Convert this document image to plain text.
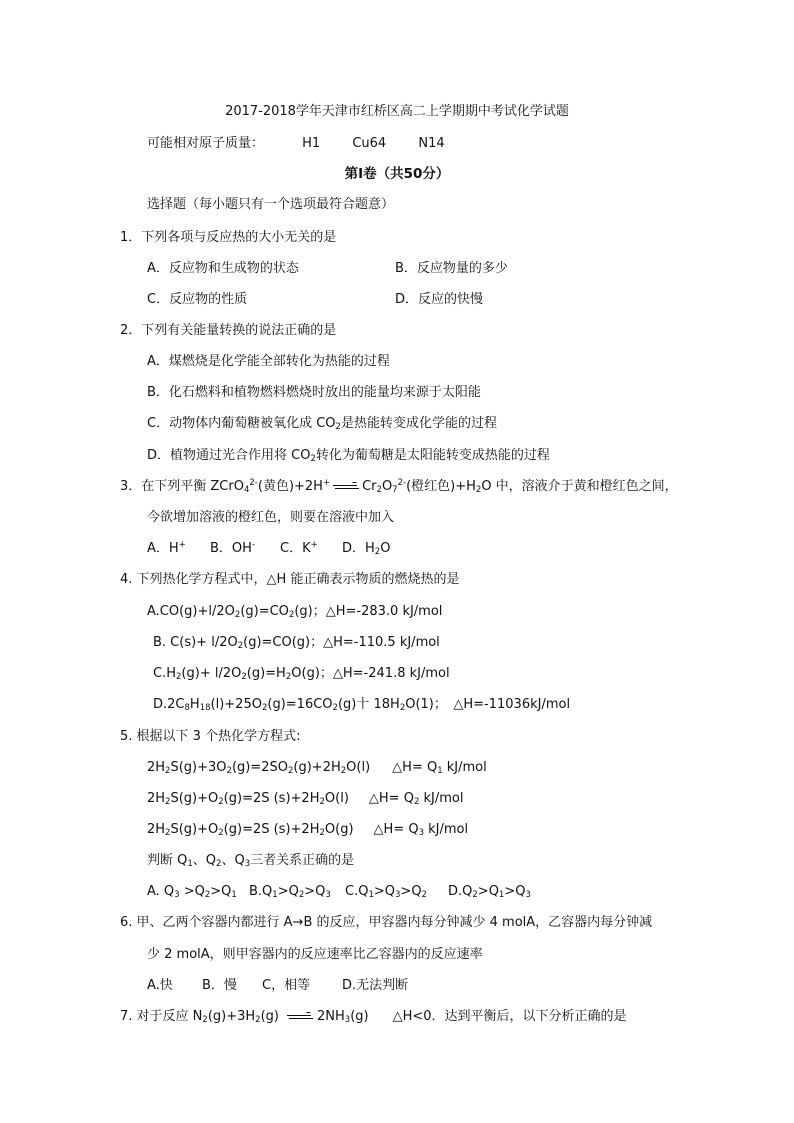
2017-2018学年天津市红桥区高二上学期期中考试化学试题
可能相对原子质量：	H1 Cu64 N14
第I卷（共50分）
选择题（每小题只有一个选项最符合题意）
1．下列各项与反应热的大小无关的是
A．反应物和生成物的状态	B．反应物量的多少
C．反应物的性质	D．反应的快慢
2．下列有关能量转换的说法正确的是
A．煤燃烧是化学能全部转化为热能的过程
B．化石燃料和植物燃料燃烧时放出的能量均来源于太阳能
C．动物体内葡萄糖被氧化成 $CO_2$是热能转变成化学能的过程
D．植物通过光合作用将 $CO_2$转化为葡萄糖是太阳能转变成热能的过程
3．在下列平衡 ZCrO$_4^{2-}$(黄色)$+2H^+ \to Cr_2O_7^{2-}$(橙红色)$+H_2O$ 中，溶液介于黄和橙红色之间，
今欲增加溶液的橙红色，则要在溶液中加入
A．H+ B．OH- C．K+ D．$H_2O$
4. 下列热化学方程式中，△H 能正确表示物质的燃烧热的是
$A.CO(g)+l/2O_2(g)=CO_2(g)$；△H=-283.0 kJ/mol
B. $C(s)+ l/2O_2(g)=CO(g)$；△H=-110.5 kJ/mol
$C.H_2(g)+ l/2O_2(g)=H_2O(g)$；△H=-241.8 kJ/mol
$D.2C_8H_{18}(l)+25O_2(g)=16CO_2(g)$十 $18H_2O(1)$；　△H=-11036kJ/mol
5. 根据以下 3 个热化学方程式:
$2H_2S(g)+3O_2(g)=2SO_2(g)+2H_2O(l)$ △H= $Q_1$ kJ/mol
$2H_2S(g)+O_2(g)=2S$ $(s)+2H_2O(l)$ △H= $Q_2$ kJ/mol
$2H_2S(g)+O_2(g)=2S$ $(s)+2H_2O(g)$ △H= $Q_3$ kJ/mol
判断 $Q_1$、$Q_2$、$Q_3$三者关系正确的是
A. $Q_3 >Q_2>Q_1$ $B.Q_1>Q_2>Q_3$ $C.Q_1>Q_3>Q_2$ $D.Q_2>Q_1>Q_3$
6. 甲、乙两个容器内都进行 A→B 的反应，甲容器内每分钟减少 4 molA，乙容器内每分钟减
少 2 molA，则甲容器内的反应速率比乙容器内的反应速率
A.快 B．慢 C，相等 D.无法判断
7. 对于反应 $N_2(g)+3H_2(g) \to 2NH_3(g)$ △H<0．达到平衡后，以下分析正确的是
